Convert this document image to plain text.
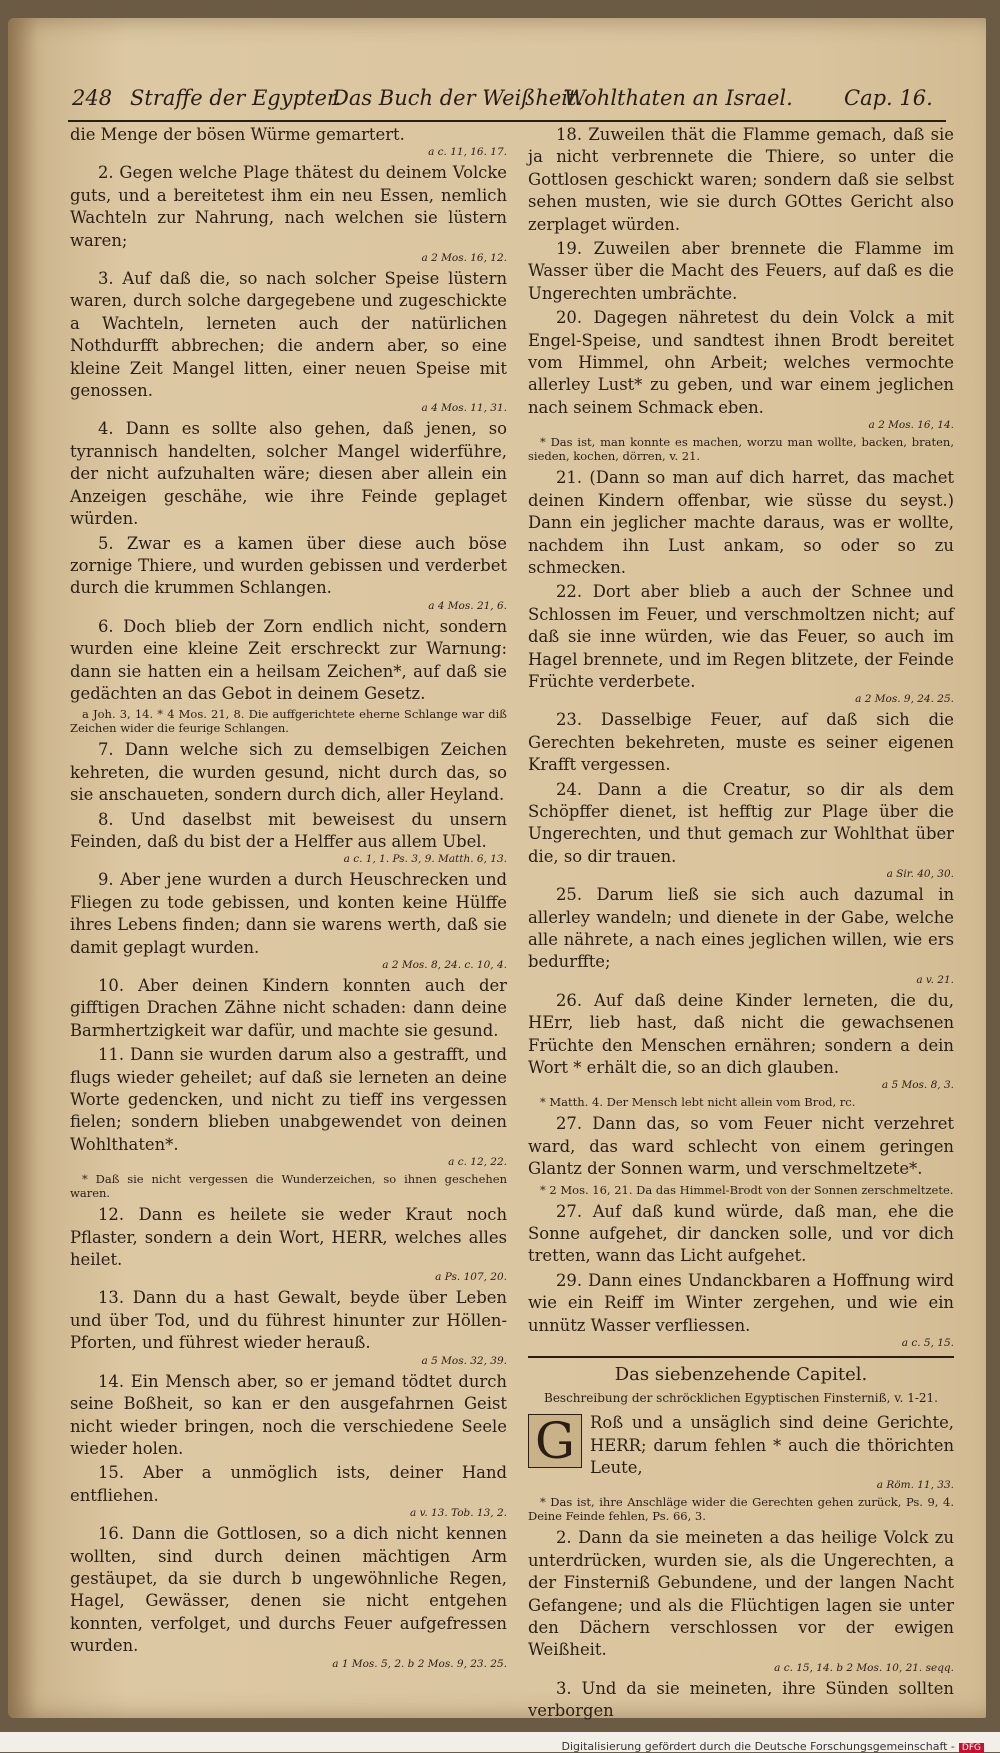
248 Straffe der Egypter.
Das Buch der Weißheit.
Wohlthaten an Israel. Cap. 16.

die Menge der bösen Würme gemartert.

a c. 11, 16. 17.

2. Gegen welche Plage thätest du deinem Volcke guts, und a bereitetest ihm ein neu Essen, nemlich Wachteln zur Nahrung, nach welchen sie lüstern waren;

a 2 Mos. 16, 12.

3. Auf daß die, so nach solcher Speise lüstern waren, durch solche dargegebene und zugeschickte a Wachteln, lerneten auch der natürlichen Nothdurfft abbrechen; die andern aber, so eine kleine Zeit Mangel litten, einer neuen Speise mit genossen.

a 4 Mos. 11, 31.

4. Dann es sollte also gehen, daß jenen, so tyrannisch handelten, solcher Mangel widerführe, der nicht aufzuhalten wäre; diesen aber allein ein Anzeigen geschähe, wie ihre Feinde geplaget würden.

5. Zwar es a kamen über diese auch böse zornige Thiere, und wurden gebissen und verderbet durch die krummen Schlangen.

a 4 Mos. 21, 6.

6. Doch blieb der Zorn endlich nicht, sondern wurden eine kleine Zeit erschreckt zur Warnung: dann sie hatten ein a heilsam Zeichen*, auf daß sie gedächten an das Gebot in deinem Gesetz.

a Joh. 3, 14. * 4 Mos. 21, 8. Die auffgerichtete eherne Schlange war diß Zeichen wider die feurige Schlangen.

7. Dann welche sich zu demselbigen Zeichen kehreten, die wurden gesund, nicht durch das, so sie anschaueten, sondern durch dich, aller Heyland.

8. Und daselbst mit beweisest du unsern Feinden, daß du bist der a Helffer aus allem Ubel.

a c. 1, 1. Ps. 3, 9. Matth. 6, 13.

9. Aber jene wurden a durch Heuschrecken und Fliegen zu tode gebissen, und konten keine Hülffe ihres Lebens finden; dann sie warens werth, daß sie damit geplagt wurden.

a 2 Mos. 8, 24. c. 10, 4.

10. Aber deinen Kindern konnten auch der gifftigen Drachen Zähne nicht schaden: dann deine Barmhertzigkeit war dafür, und machte sie gesund.

11. Dann sie wurden darum also a gestrafft, und flugs wieder geheilet; auf daß sie lerneten an deine Worte gedencken, und nicht zu tieff ins vergessen fielen; sondern blieben unabgewendet von deinen Wohlthaten*.

a c. 12, 22.
* Daß sie nicht vergessen die Wunderzeichen, so ihnen geschehen waren.

12. Dann es heilete sie weder Kraut noch Pflaster, sondern a dein Wort, HERR, welches alles heilet.

a Ps. 107, 20.

13. Dann du a hast Gewalt, beyde über Leben und über Tod, und du führest hinunter zur Höllen-Pforten, und führest wieder herauß.

a 5 Mos. 32, 39.

14. Ein Mensch aber, so er jemand tödtet durch seine Boßheit, so kan er den ausgefahrnen Geist nicht wieder bringen, noch die verschiedene Seele wieder holen.

15. Aber a unmöglich ists, deiner Hand entfliehen.

a v. 13. Tob. 13, 2.

16. Dann die Gottlosen, so a dich nicht kennen wollten, sind durch deinen mächtigen Arm gestäupet, da sie durch b ungewöhnliche Regen, Hagel, Gewässer, denen sie nicht entgehen konnten, verfolget, und durchs Feuer aufgefressen wurden.

a 1 Mos. 5, 2. b 2 Mos. 9, 23. 25.

18. Zuweilen thät die Flamme gemach, daß sie ja nicht verbrennete die Thiere, so unter die Gottlosen geschickt waren; sondern daß sie selbst sehen musten, wie sie durch GOttes Gericht also zerplaget würden.

19. Zuweilen aber brennete die Flamme im Wasser über die Macht des Feuers, auf daß es die Ungerechten umbrächte.

20. Dagegen nähretest du dein Volck a mit Engel-Speise, und sandtest ihnen Brodt bereitet vom Himmel, ohn Arbeit; welches vermochte allerley Lust* zu geben, und war einem jeglichen nach seinem Schmack eben.

a 2 Mos. 16, 14.
* Das ist, man konnte es machen, worzu man wollte, backen, braten, sieden, kochen, dörren, v. 21.

21. (Dann so man auf dich harret, das machet deinen Kindern offenbar, wie süsse du seyst.) Dann ein jeglicher machte daraus, was er wollte, nachdem ihn Lust ankam, so oder so zu schmecken.

22. Dort aber blieb a auch der Schnee und Schlossen im Feuer, und verschmoltzen nicht; auf daß sie inne würden, wie das Feuer, so auch im Hagel brennete, und im Regen blitzete, der Feinde Früchte verderbete.

a 2 Mos. 9, 24. 25.

23. Dasselbige Feuer, auf daß sich die Gerechten bekehreten, muste es seiner eigenen Krafft vergessen.

24. Dann a die Creatur, so dir als dem Schöpffer dienet, ist hefftig zur Plage über die Ungerechten, und thut gemach zur Wohlthat über die, so dir trauen.

a Sir. 40, 30.

25. Darum ließ sie sich auch dazumal in allerley wandeln; und dienete in der Gabe, welche alle nährete, a nach eines jeglichen willen, wie ers bedurffte;

a v. 21.

26. Auf daß deine Kinder lerneten, die du, HErr, lieb hast, daß nicht die gewachsenen Früchte den Menschen ernähren; sondern a dein Wort * erhält die, so an dich glauben.

a 5 Mos. 8, 3.
* Matth. 4. Der Mensch lebt nicht allein vom Brod, rc.

27. Dann das, so vom Feuer nicht verzehret ward, das ward schlecht von einem geringen Glantz der Sonnen warm, und verschmeltzete*.

* 2 Mos. 16, 21. Da das Himmel-Brodt von der Sonnen zerschmeltzete.

27. Auf daß kund würde, daß man, ehe die Sonne aufgehet, dir dancken solle, und vor dich tretten, wann das Licht aufgehet.

29. Dann eines Undanckbaren a Hoffnung wird wie ein Reiff im Winter zergehen, und wie ein unnütz Wasser verfliessen.

a c. 5, 15.
Das siebenzehende Capitel.
Beschreibung der schröcklichen Egyptischen Finsterniß, v. 1-21.
G Roß und a unsäglich sind deine Gerichte, HERR; darum fehlen * auch die thörichten Leute,

a Röm. 11, 33.
* Das ist, ihre Anschläge wider die Gerechten gehen zurück, Ps. 9, 4. Deine Feinde fehlen, Ps. 66, 3.

2. Dann da sie meineten a das heilige Volck zu unterdrücken, wurden sie, als die Ungerechten, a der Finsterniß Gebundene, und der langen Nacht Gefangene; und als die Flüchtigen lagen sie unter den Dächern verschlossen vor der ewigen Weißheit.

a c. 15, 14. b 2 Mos. 10, 21. seqq.

3. Und da sie meineten, ihre Sünden sollten verborgen

Digitalisierung gefördert durch die Deutsche Forschungsgemeinschaft - DFG
